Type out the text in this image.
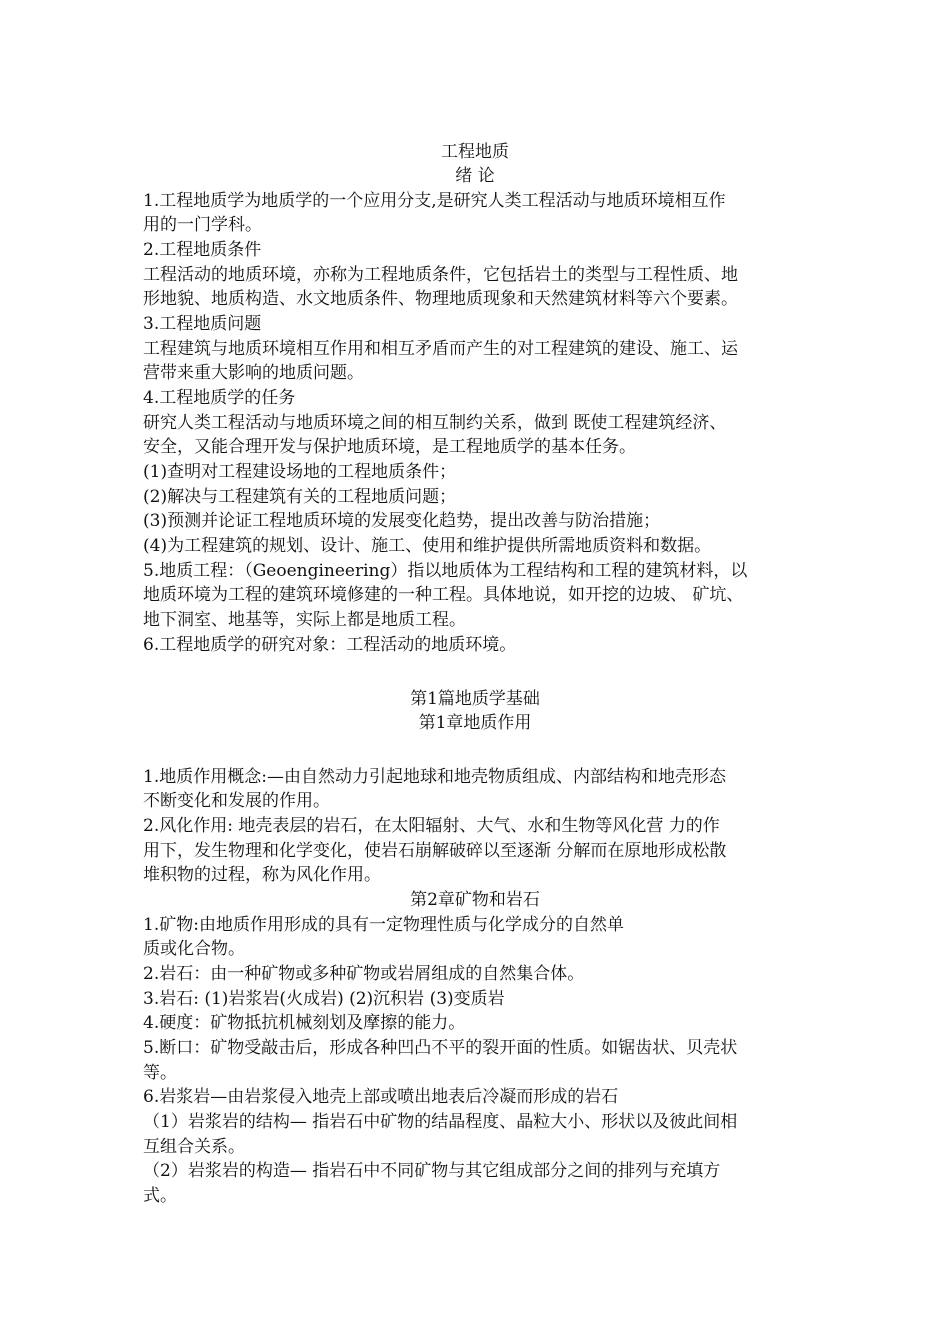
工程地质
绪 论
1.工程地质学为地质学的一个应用分支,是研究人类工程活动与地质环境相互作
用的一门学科。
2.工程地质条件
工程活动的地质环境，亦称为工程地质条件，它包括岩土的类型与工程性质、地
形地貌、地质构造、水文地质条件、物理地质现象和天然建筑材料等六个要素。
3.工程地质问题
工程建筑与地质环境相互作用和相互矛盾而产生的对工程建筑的建设、施工、运
营带来重大影响的地质问题。
4.工程地质学的任务
研究人类工程活动与地质环境之间的相互制约关系，做到 既使工程建筑经济、
安全，又能合理开发与保护地质环境，是工程地质学的基本任务。
(1)查明对工程建设场地的工程地质条件；
(2)解决与工程建筑有关的工程地质问题；
(3)预测并论证工程地质环境的发展变化趋势，提出改善与防治措施；
(4)为工程建筑的规划、设计、施工、使用和维护提供所需地质资料和数据。
5.地质工程：（Geoengineering）指以地质体为工程结构和工程的建筑材料，以
地质环境为工程的建筑环境修建的一种工程。具体地说，如开挖的边坡、 矿坑、
地下洞室、地基等，实际上都是地质工程。
6.工程地质学的研究对象：工程活动的地质环境。
第1篇地质学基础
第1章地质作用
1.地质作用概念:—由自然动力引起地球和地壳物质组成、内部结构和地壳形态
不断变化和发展的作用。
2.风化作用: 地壳表层的岩石，在太阳辐射、大气、水和生物等风化营 力的作
用下，发生物理和化学变化，使岩石崩解破碎以至逐渐 分解而在原地形成松散
堆积物的过程，称为风化作用。
第2章矿物和岩石
1.矿物:由地质作用形成的具有一定物理性质与化学成分的自然单
质或化合物。
2.岩石：由一种矿物或多种矿物或岩屑组成的自然集合体。
3.岩石: (1)岩浆岩(火成岩) (2)沉积岩 (3)变质岩
4.硬度：矿物抵抗机械刻划及摩擦的能力。
5.断口：矿物受敲击后，形成各种凹凸不平的裂开面的性质。如锯齿状、贝壳状
等。
6.岩浆岩—由岩浆侵入地壳上部或喷出地表后冷凝而形成的岩石
（1）岩浆岩的结构— 指岩石中矿物的结晶程度、晶粒大小、形状以及彼此间相
互组合关系。
（2）岩浆岩的构造— 指岩石中不同矿物与其它组成部分之间的排列与充填方
式。
